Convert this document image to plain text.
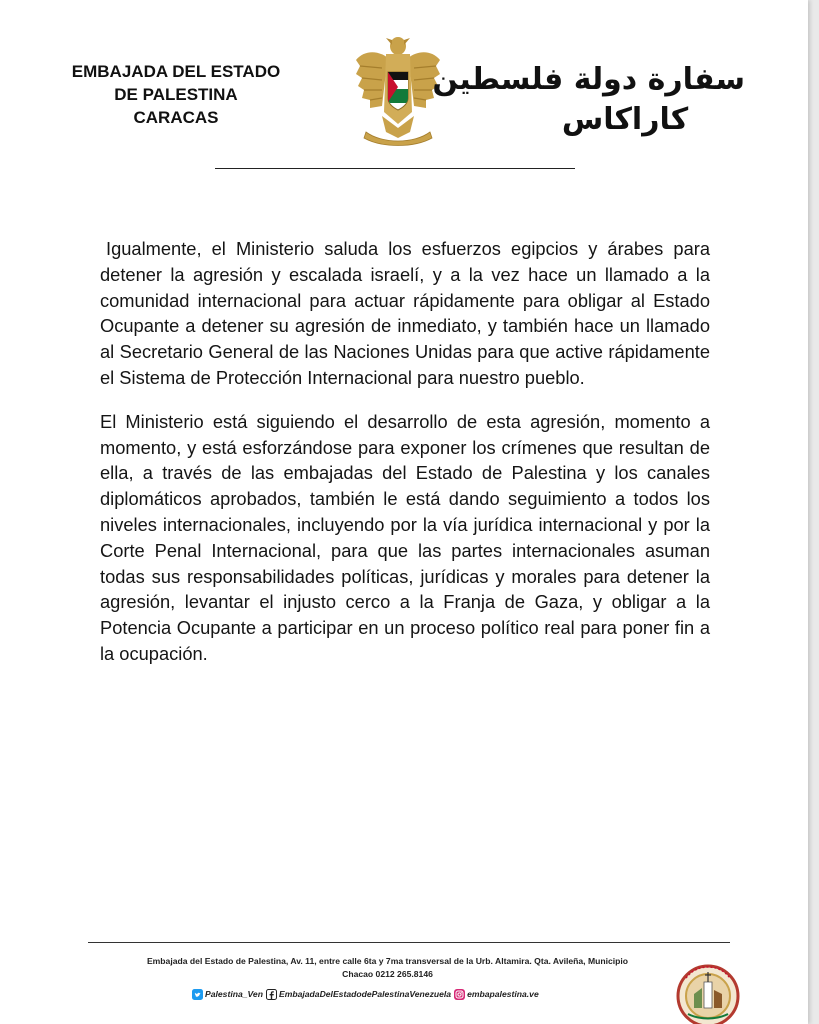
EMBAJADA DEL ESTADO
DE PALESTINA
CARACAS
سفارة دولة فلسطين
كاراكاس

Igualmente, el Ministerio saluda los esfuerzos egipcios y árabes para detener la agresión y escalada israelí, y a la vez hace un llamado a la comunidad internacional para actuar rápidamente para obligar al Estado Ocupante a detener su agresión de inmediato, y también hace un llamado al Secretario General de las Naciones Unidas para que active rápidamente el Sistema de Protección Internacional para nuestro pueblo.

El Ministerio está siguiendo el desarrollo de esta agresión, momento a momento, y está esforzándose para exponer los crímenes que resultan de ella, a través de las embajadas del Estado de Palestina y los canales diplomáticos aprobados, también le está dando seguimiento a todos los niveles internacionales, incluyendo por la vía jurídica internacional y por la Corte Penal Internacional, para que las partes internacionales asuman todas sus responsabilidades políticas, jurídicas y morales para detener la agresión, levantar el injusto cerco a la Franja de Gaza, y obligar a la Potencia Ocupante a participar en un proceso político real para poner fin a la ocupación.

Embajada del Estado de Palestina, Av. 11, entre calle 6ta y 7ma transversal de la Urb. Altamira. Qta. Avileña, Municipio
Chacao 0212 265.8146
Palestina_Ven EmbajadaDelEstadodePalestinaVenezuela embapalestina.ve
